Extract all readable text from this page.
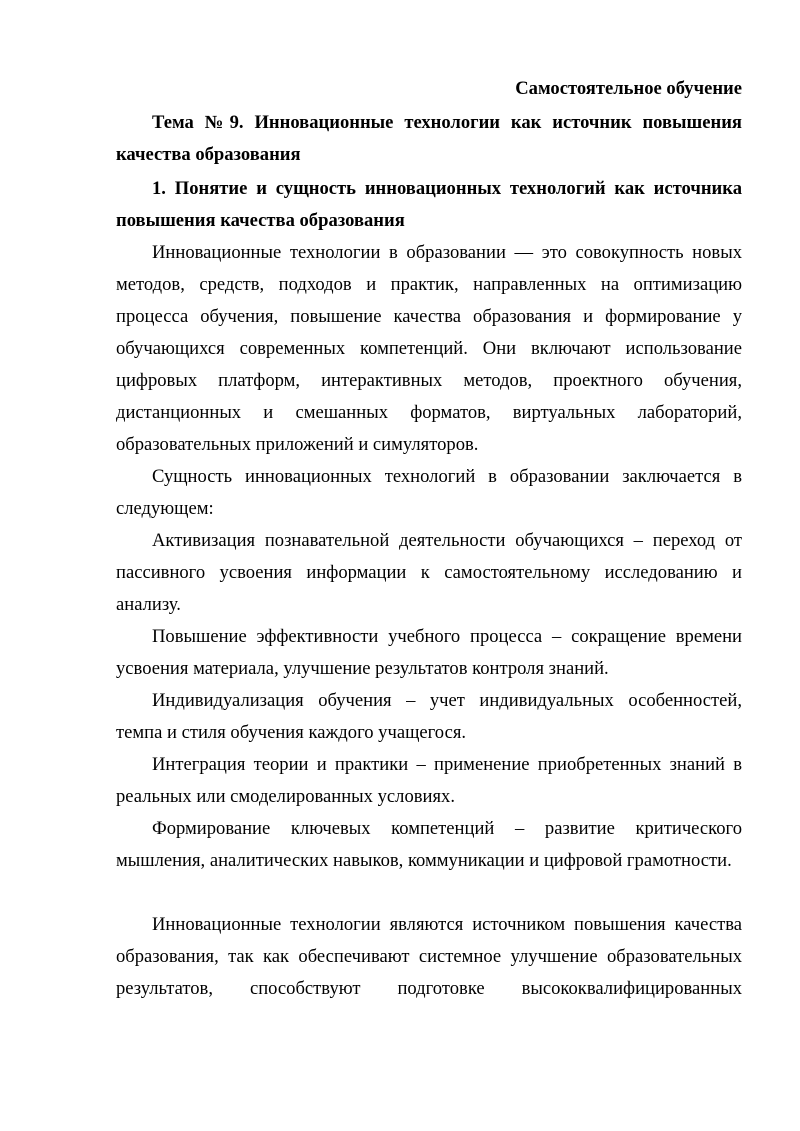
Самостоятельное обучение
Тема №9. Инновационные технологии как источник повышения качества образования
1. Понятие и сущность инновационных технологий как источника повышения качества образования

Инновационные технологии в образовании — это совокупность новых методов, средств, подходов и практик, направленных на оптимизацию процесса обучения, повышение качества образования и формирование у обучающихся современных компетенций. Они включают использование цифровых платформ, интерактивных методов, проектного обучения, дистанционных и смешанных форматов, виртуальных лабораторий, образовательных приложений и симуляторов.

Сущность инновационных технологий в образовании заключается в следующем:

Активизация познавательной деятельности обучающихся – переход от пассивного усвоения информации к самостоятельному исследованию и анализу.

Повышение эффективности учебного процесса – сокращение времени усвоения материала, улучшение результатов контроля знаний.

Индивидуализация обучения – учет индивидуальных особенностей, темпа и стиля обучения каждого учащегося.

Интеграция теории и практики – применение приобретенных знаний в реальных или смоделированных условиях.

Формирование ключевых компетенций – развитие критического мышления, аналитических навыков, коммуникации и цифровой грамотности.

Инновационные технологии являются источником повышения качества образования, так как обеспечивают системное улучшение образовательных результатов, способствуют подготовке высококвалифицированных
